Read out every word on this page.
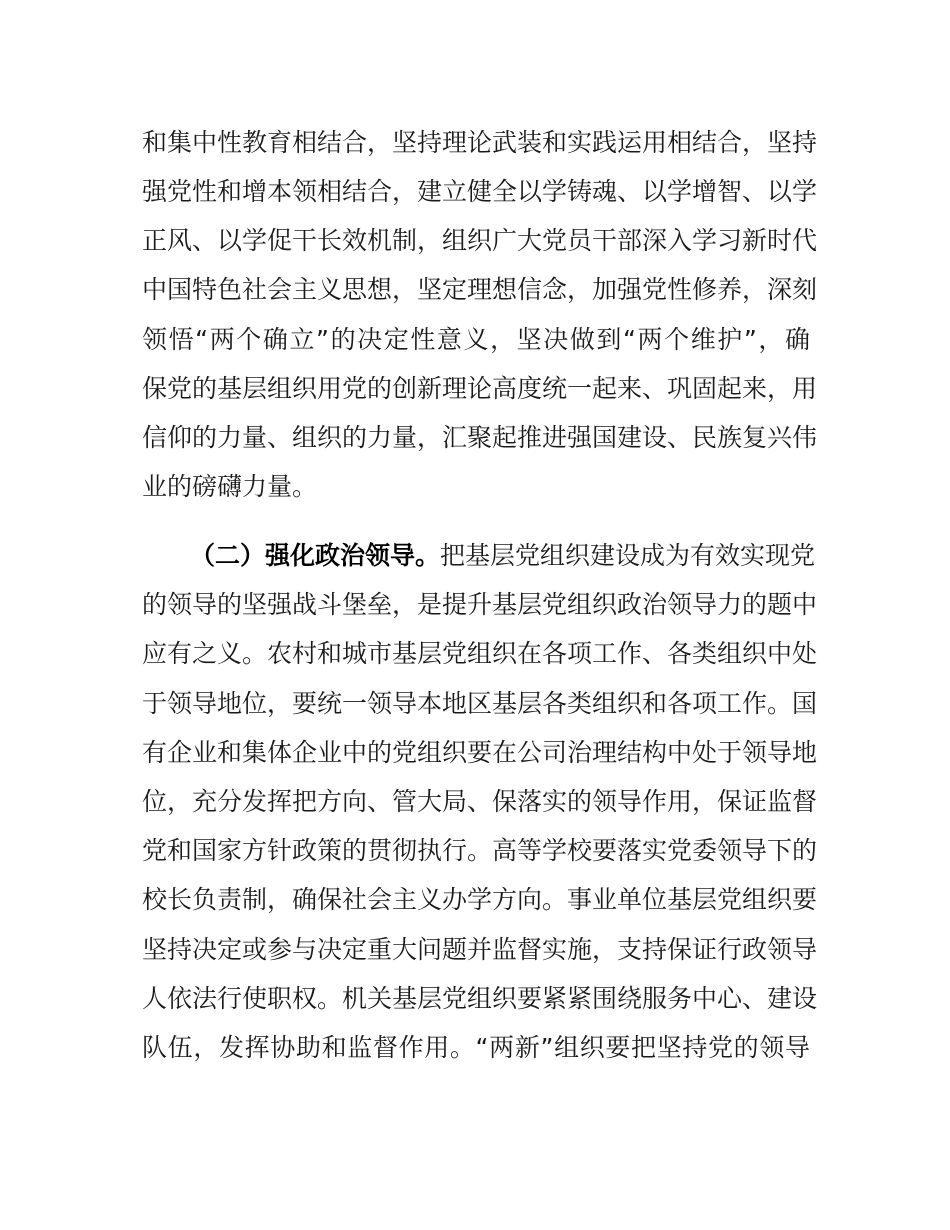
和集中性教育相结合，坚持理论武装和实践运用相结合，坚持
强党性和增本领相结合，建立健全以学铸魂、以学增智、以学
正风、以学促干长效机制，组织广大党员干部深入学习新时代
中国特色社会主义思想，坚定理想信念，加强党性修养，深刻
领悟“两个确立”的决定性意义，坚决做到“两个维护”，确
保党的基层组织用党的创新理论高度统一起来、巩固起来，用
信仰的力量、组织的力量，汇聚起推进强国建设、民族复兴伟
业的磅礴力量。
（二）强化政治领导。把基层党组织建设成为有效实现党
的领导的坚强战斗堡垒，是提升基层党组织政治领导力的题中
应有之义。农村和城市基层党组织在各项工作、各类组织中处
于领导地位，要统一领导本地区基层各类组织和各项工作。国
有企业和集体企业中的党组织要在公司治理结构中处于领导地
位，充分发挥把方向、管大局、保落实的领导作用，保证监督
党和国家方针政策的贯彻执行。高等学校要落实党委领导下的
校长负责制，确保社会主义办学方向。事业单位基层党组织要
坚持决定或参与决定重大问题并监督实施，支持保证行政领导
人依法行使职权。机关基层党组织要紧紧围绕服务中心、建设
队伍，发挥协助和监督作用。“两新”组织要把坚持党的领导
